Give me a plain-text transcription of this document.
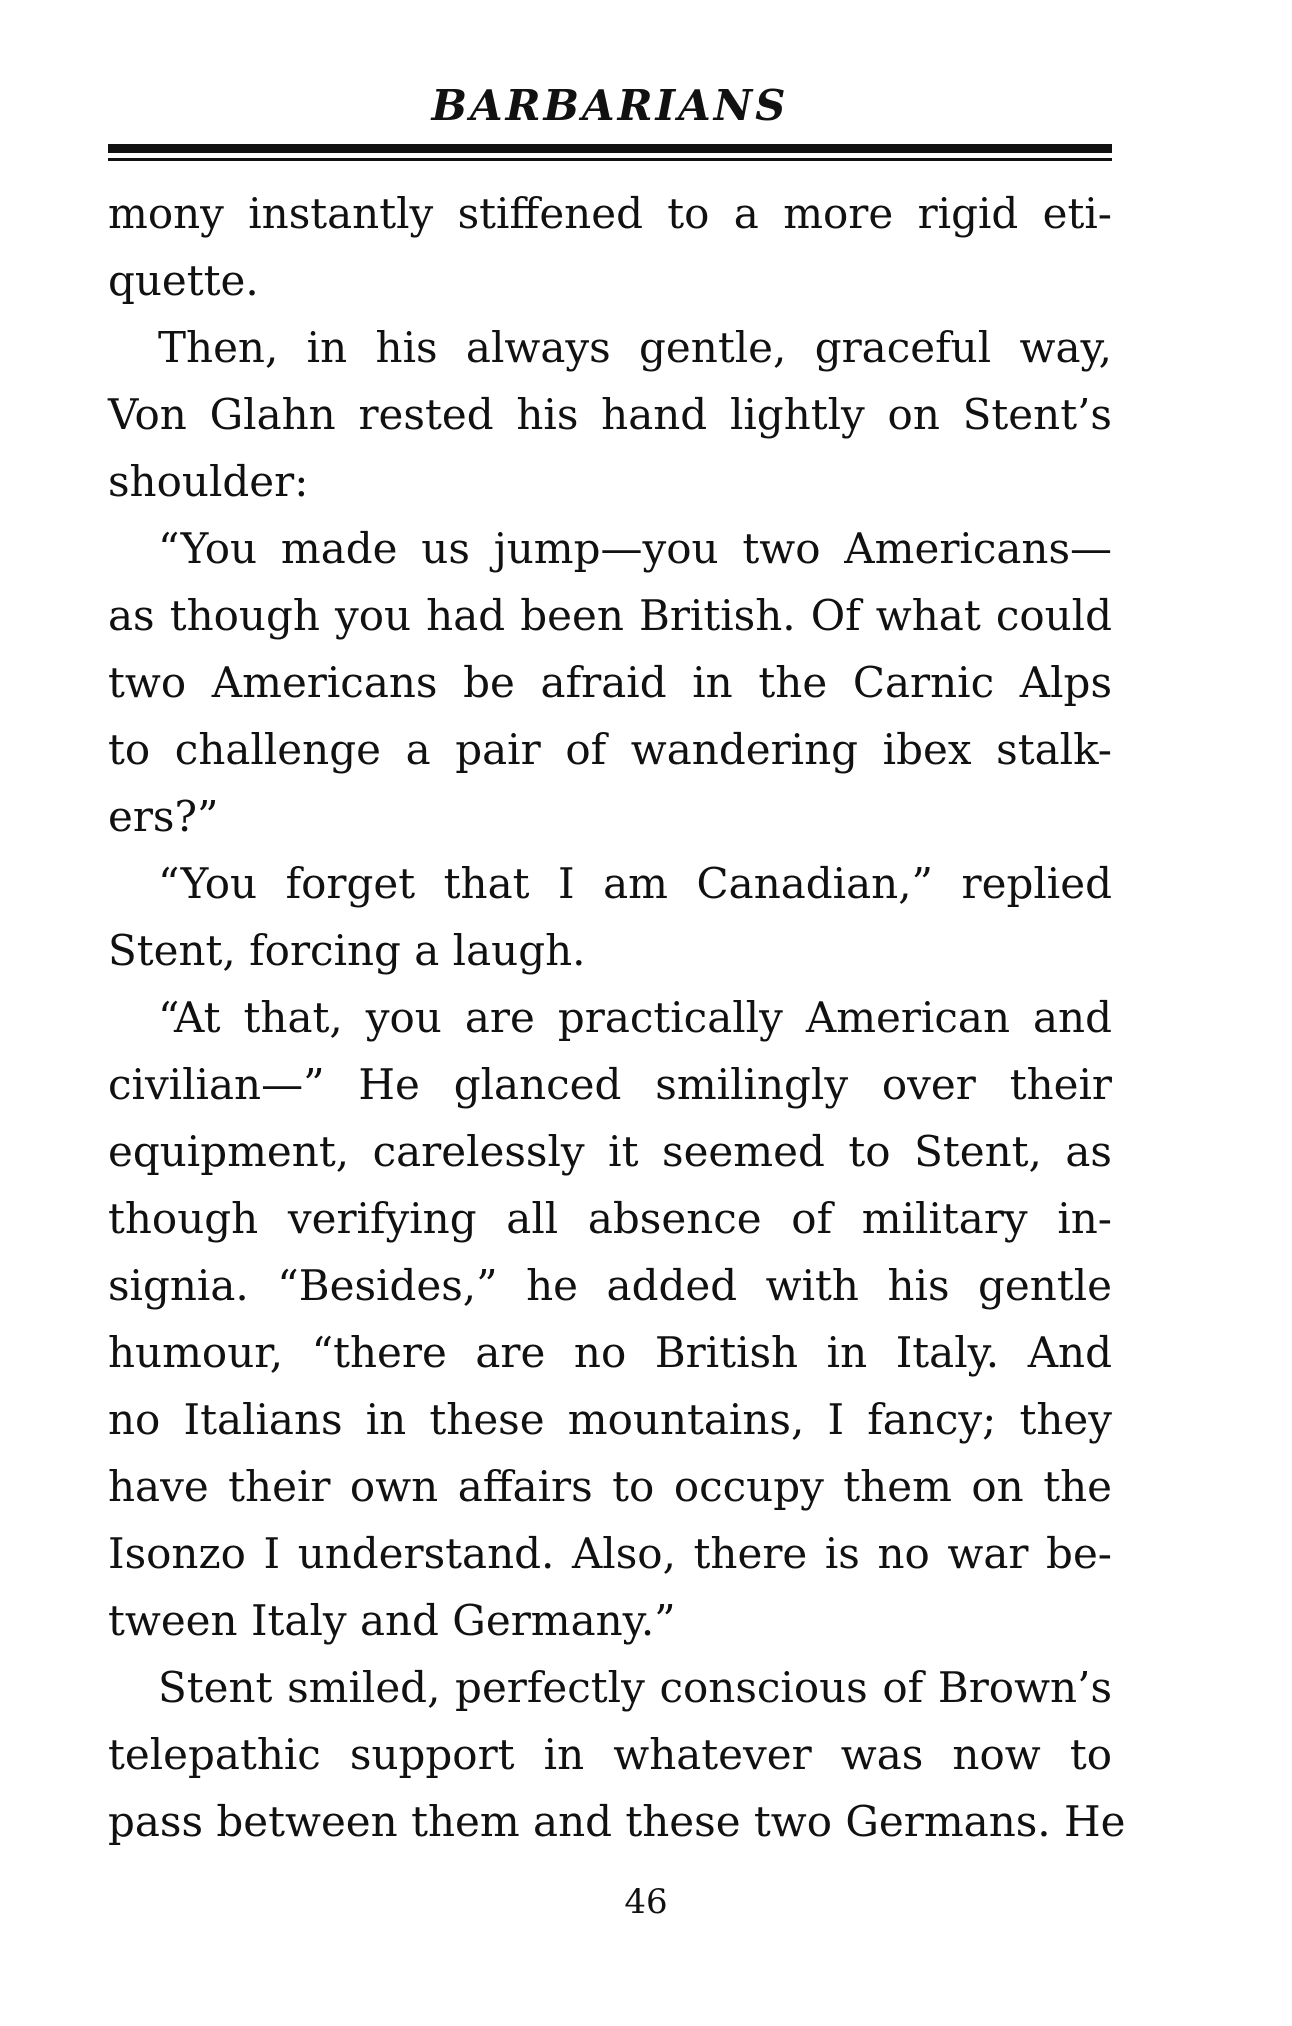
BARBARIANS
mony instantly stiffened to a more rigid eti-
quette.
Then, in his always gentle, graceful way,
Von Glahn rested his hand lightly on Stent’s
shoulder:
“You made us jump—you two Americans—
as though you had been British. Of what could
two Americans be afraid in the Carnic Alps
to challenge a pair of wandering ibex stalk-
ers?”
“You forget that I am Canadian,” replied
Stent, forcing a laugh.
“At that, you are practically American and
civilian—” He glanced smilingly over their
equipment, carelessly it seemed to Stent, as
though verifying all absence of military in-
signia. “Besides,” he added with his gentle
humour, “there are no British in Italy. And
no Italians in these mountains, I fancy; they
have their own affairs to occupy them on the
Isonzo I understand. Also, there is no war be-
tween Italy and Germany.”
Stent smiled, perfectly conscious of Brown’s
telepathic support in whatever was now to
pass between them and these two Germans. He
46
